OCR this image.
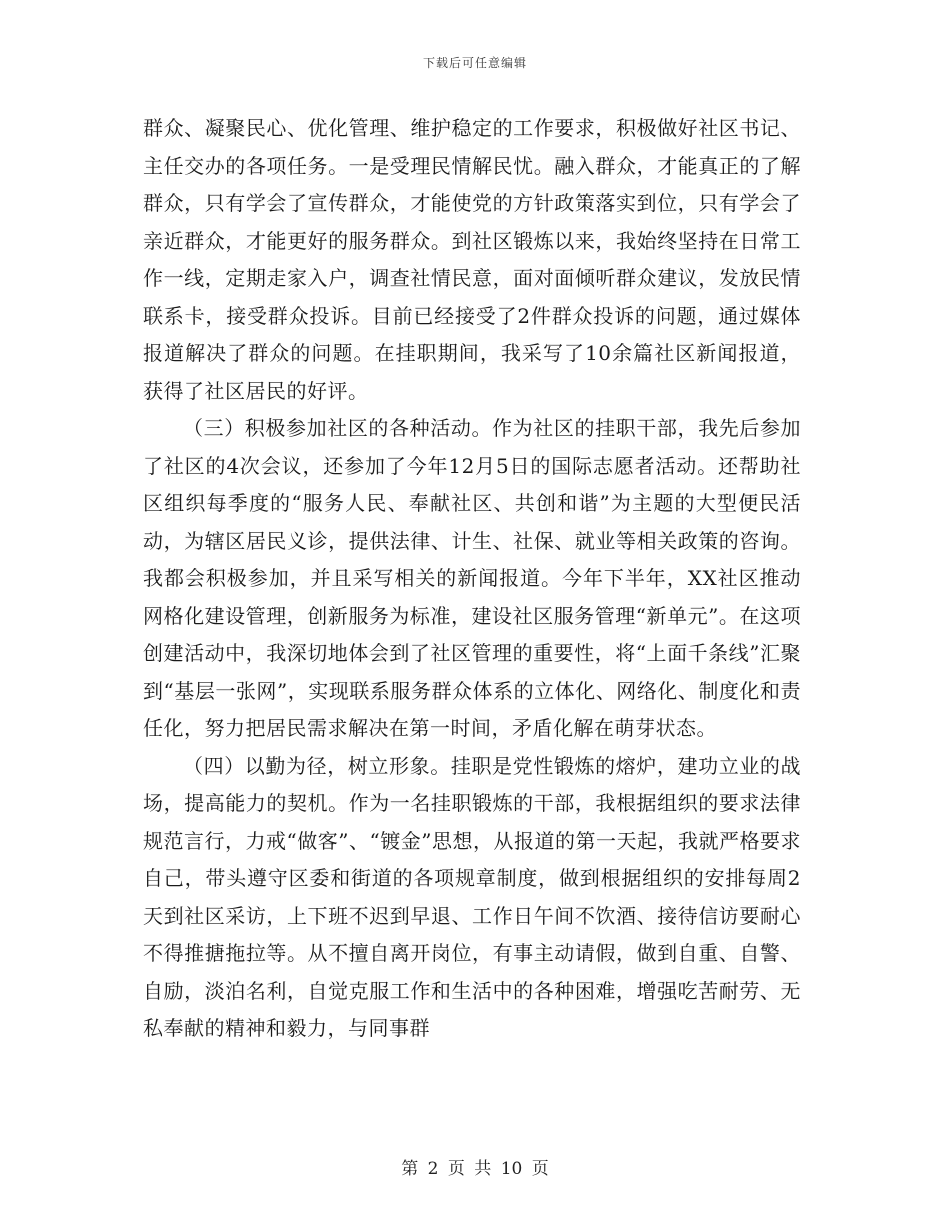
下载后可任意编辑

群众、凝聚民心、优化管理、维护稳定的工作要求，积极做好社区书记、主任交办的各项任务。一是受理民情解民忧。融入群众，才能真正的了解群众，只有学会了宣传群众，才能使党的方针政策落实到位，只有学会了亲近群众，才能更好的服务群众。到社区锻炼以来，我始终坚持在日常工作一线，定期走家入户，调查社情民意，面对面倾听群众建议，发放民情联系卡，接受群众投诉。目前已经接受了2件群众投诉的问题，通过媒体报道解决了群众的问题。在挂职期间，我采写了10余篇社区新闻报道，获得了社区居民的好评。

（三）积极参加社区的各种活动。作为社区的挂职干部，我先后参加了社区的4次会议，还参加了今年12月5日的国际志愿者活动。还帮助社区组织每季度的“服务人民、奉献社区、共创和谐”为主题的大型便民活动，为辖区居民义诊，提供法律、计生、社保、就业等相关政策的咨询。我都会积极参加，并且采写相关的新闻报道。今年下半年，XX社区推动网格化建设管理，创新服务为标准，建设社区服务管理“新单元”。在这项创建活动中，我深切地体会到了社区管理的重要性，将“上面千条线”汇聚到“基层一张网”，实现联系服务群众体系的立体化、网络化、制度化和责任化，努力把居民需求解决在第一时间，矛盾化解在萌芽状态。

（四）以勤为径，树立形象。挂职是党性锻炼的熔炉，建功立业的战场，提高能力的契机。作为一名挂职锻炼的干部，我根据组织的要求法律规范言行，力戒“做客”、“镀金”思想，从报道的第一天起，我就严格要求自己，带头遵守区委和街道的各项规章制度，做到根据组织的安排每周2天到社区采访，上下班不迟到早退、工作日午间不饮酒、接待信访要耐心不得推搪拖拉等。从不擅自离开岗位，有事主动请假，做到自重、自警、自励，淡泊名利，自觉克服工作和生活中的各种困难，增强吃苦耐劳、无私奉献的精神和毅力，与同事群

第 2 页 共 10 页
